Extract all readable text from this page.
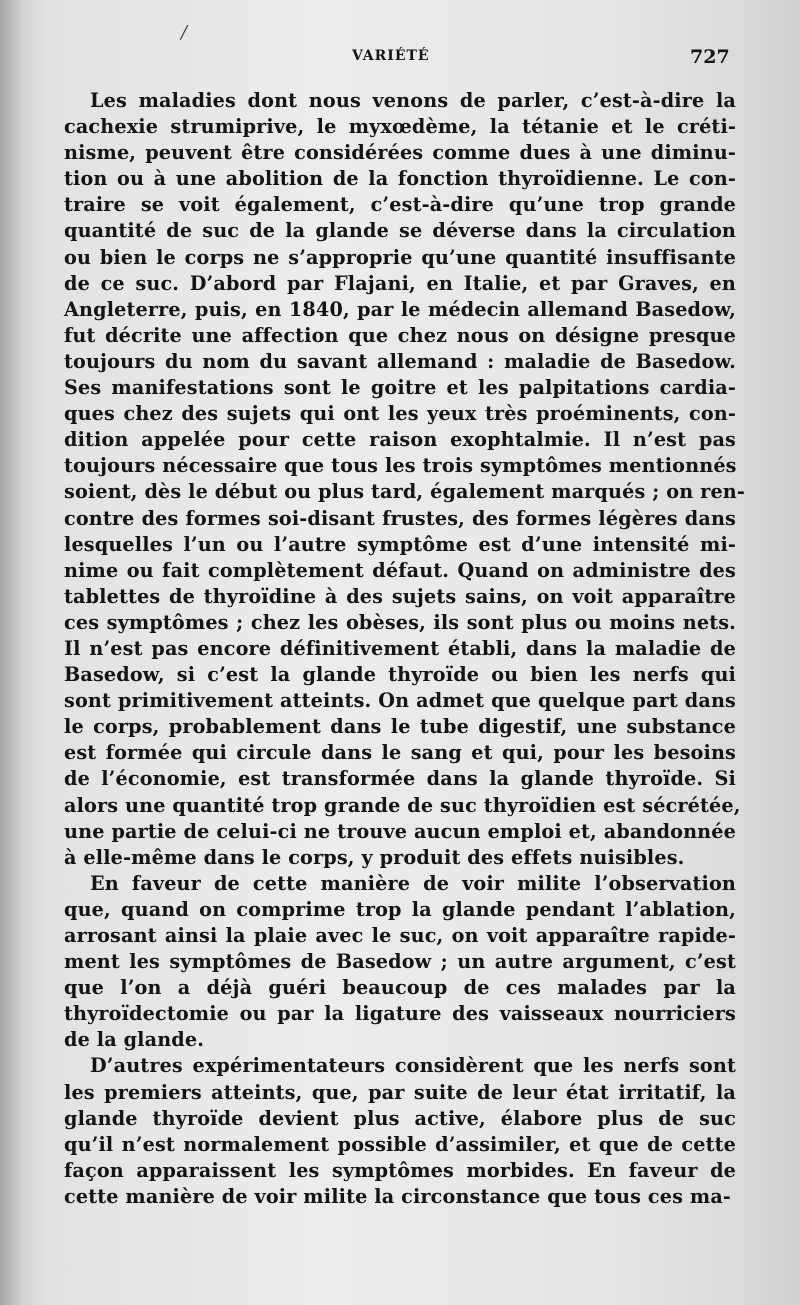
/
VARIÉTÉ	727
Les maladies dont nous venons de parler, c’est-à-dire la
cachexie strumiprive, le myxœdème, la tétanie et le créti-
nisme, peuvent être considérées comme dues à une diminu-
tion ou à une abolition de la fonction thyroïdienne. Le con-
traire se voit également, c’est-à-dire qu’une trop grande
quantité de suc de la glande se déverse dans la circulation
ou bien le corps ne s’approprie qu’une quantité insuffisante
de ce suc. D’abord par Flajani, en Italie, et par Graves, en
Angleterre, puis, en 1840, par le médecin allemand Basedow,
fut décrite une affection que chez nous on désigne presque
toujours du nom du savant allemand : maladie de Basedow.
Ses manifestations sont le goitre et les palpitations cardia-
ques chez des sujets qui ont les yeux très proéminents, con-
dition appelée pour cette raison exophtalmie. Il n’est pas
toujours nécessaire que tous les trois symptômes mentionnés
soient, dès le début ou plus tard, également marqués ; on ren-
contre des formes soi-disant frustes, des formes légères dans
lesquelles l’un ou l’autre symptôme est d’une intensité mi-
nime ou fait complètement défaut. Quand on administre des
tablettes de thyroïdine à des sujets sains, on voit apparaître
ces symptômes ; chez les obèses, ils sont plus ou moins nets.
Il n’est pas encore définitivement établi, dans la maladie de
Basedow, si c’est la glande thyroïde ou bien les nerfs qui
sont primitivement atteints. On admet que quelque part dans
le corps, probablement dans le tube digestif, une substance
est formée qui circule dans le sang et qui, pour les besoins
de l’économie, est transformée dans la glande thyroïde. Si
alors une quantité trop grande de suc thyroïdien est sécrétée,
une partie de celui-ci ne trouve aucun emploi et, abandonnée
à elle-même dans le corps, y produit des effets nuisibles.
En faveur de cette manière de voir milite l’observation
que, quand on comprime trop la glande pendant l’ablation,
arrosant ainsi la plaie avec le suc, on voit apparaître rapide-
ment les symptômes de Basedow ; un autre argument, c’est
que l’on a déjà guéri beaucoup de ces malades par la
thyroïdectomie ou par la ligature des vaisseaux nourriciers
de la glande.
D’autres expérimentateurs considèrent que les nerfs sont
les premiers atteints, que, par suite de leur état irritatif, la
glande thyroïde devient plus active, élabore plus de suc
qu’il n’est normalement possible d’assimiler, et que de cette
façon apparaissent les symptômes morbides. En faveur de
cette manière de voir milite la circonstance que tous ces ma-
